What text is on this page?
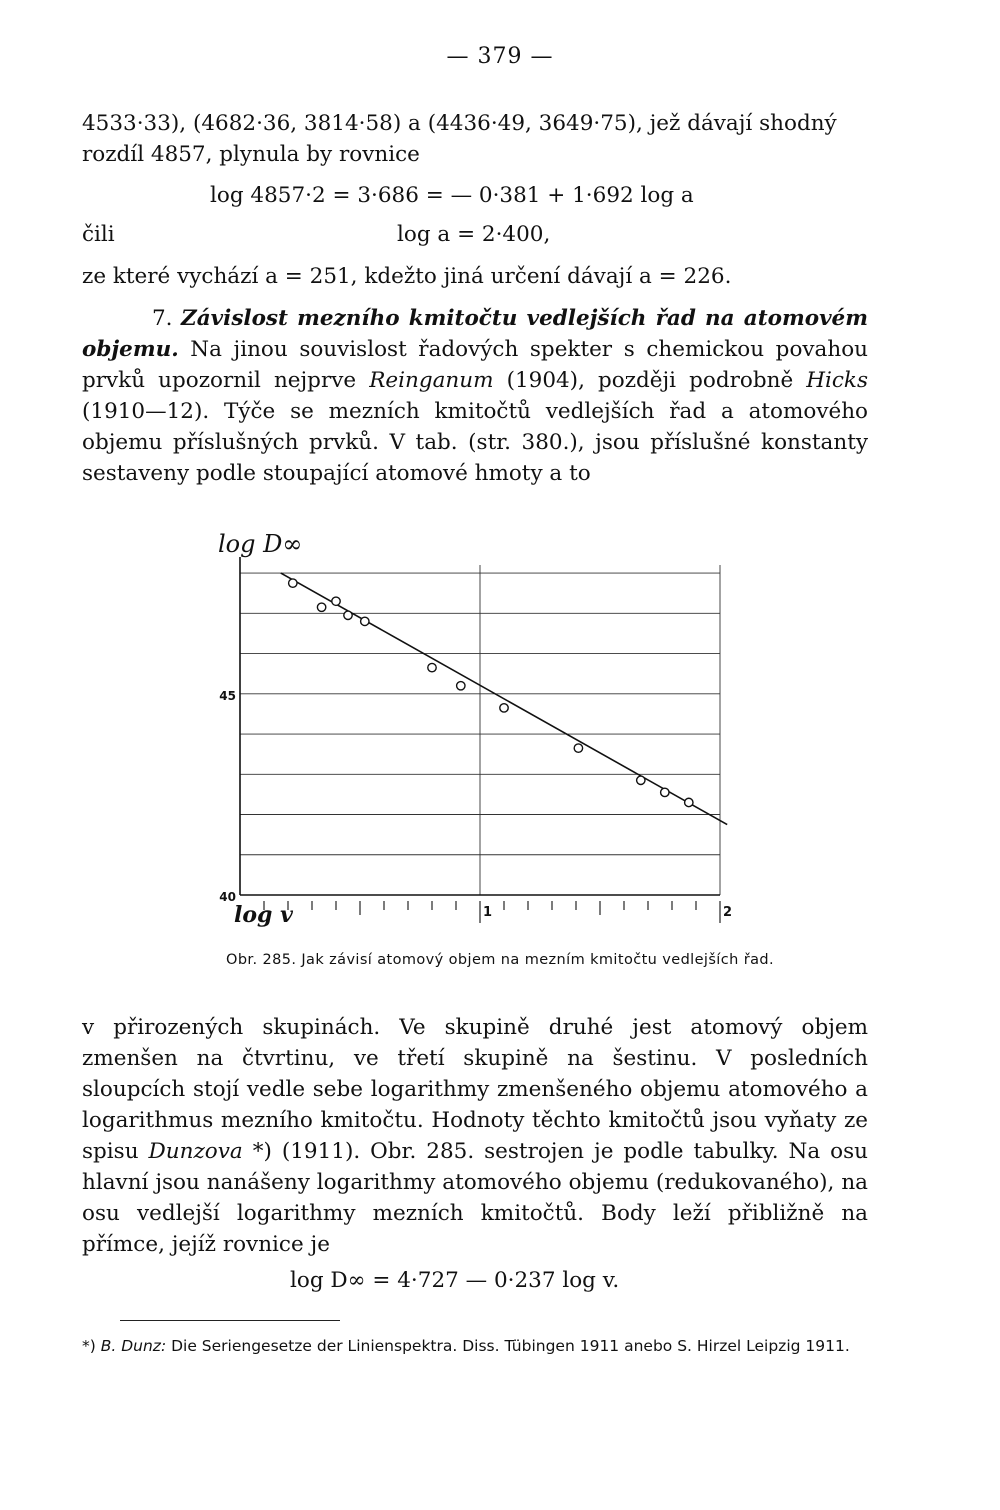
— 379 —

4533·33), (4682·36, 3814·58) a (4436·49, 3649·75), jež dávají shodný
rozdíl 4857, plynula by rovnice

log 4857·2 = 3·686 = — 0·381 + 1·692 log a
čili	log a = 2·400,
ze které vychází a = 251, kdežto jiná určení dávají a = 226.

7. Závislost mezního kmitočtu vedlejších řad na atomovém objemu. Na jinou souvislost řadových spekter s chemickou povahou prvků upozornil nejprve Reinganum (1904), později podrobně Hicks (1910—12). Týče se mezních kmitočtů vedlejších řad a atomového objemu příslušných prvků. V tab. (str. 380.), jsou příslušné konstanty sestaveny podle stoupající atomové hmoty a to

log D∞
log v
45
40
1	2
Obr. 285. Jak závisí atomový objem na mezním kmitočtu vedlejších řad.

v přirozených skupinách. Ve skupině druhé jest atomový objem zmenšen na čtvrtinu, ve třetí skupině na šestinu. V posledních sloupcích stojí vedle sebe logarithmy zmenšeného objemu atomového a logarithmus mezního kmitočtu. Hodnoty těchto kmitočtů jsou vyňaty ze spisu Dunzova *) (1911). Obr. 285. sestrojen je podle tabulky. Na osu hlavní jsou nanášeny logarithmy atomového objemu (redukovaného), na osu vedlejší logarithmy mezních kmitočtů. Body leží přibližně na přímce, jejíž rovnice je

log D∞ = 4·727 — 0·237 log v.

*) B. Dunz: Die Seriengesetze der Linienspektra. Diss. Tübingen 1911 anebo S. Hirzel Leipzig 1911.
